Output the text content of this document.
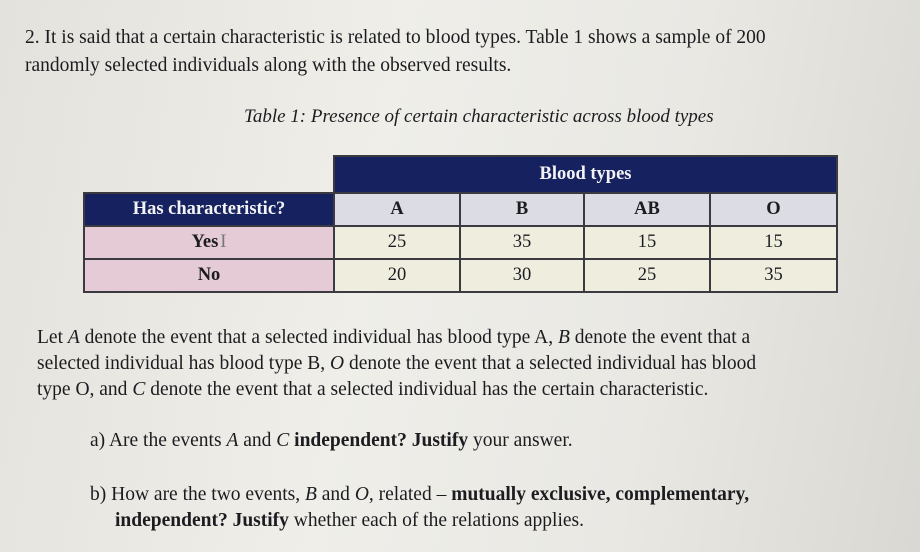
2. It is said that a certain characteristic is related to blood types. Table 1 shows a sample of 200
randomly selected individuals along with the observed results.
Table 1: Presence of certain characteristic across blood types
	Blood types			
Has characteristic?	A	B	AB	O
Yes I	25	35	15	15
No	20	30	25	35
Let A denote the event that a selected individual has blood type A, B denote the event that a
selected individual has blood type B, O denote the event that a selected individual has blood
type O, and C denote the event that a selected individual has the certain characteristic.
a) Are the events A and C independent? Justify your answer.
b) How are the two events, B and O, related – mutually exclusive, complementary,
independent? Justify whether each of the relations applies.
